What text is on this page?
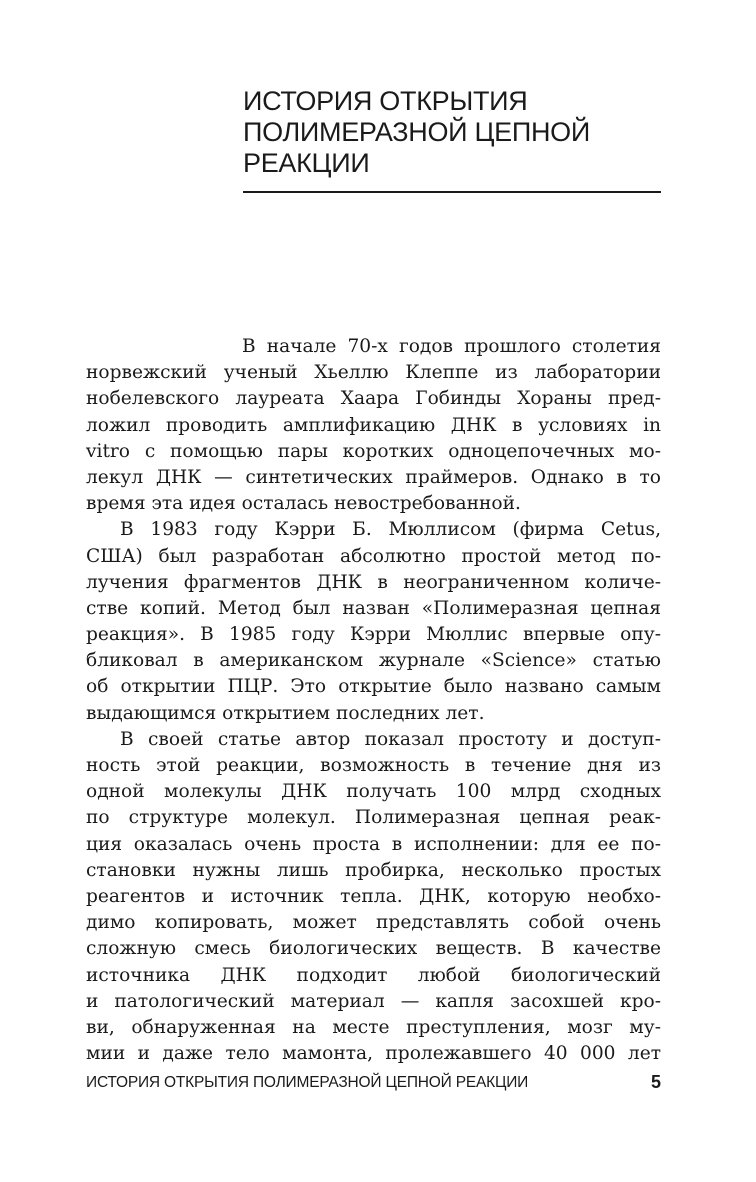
ИСТОРИЯ ОТКРЫТИЯ
ПОЛИМЕРАЗНОЙ ЦЕПНОЙ
РЕАКЦИИ

В начале 70-х годов прошлого столетия
норвежский ученый Хьеллю Клеппе из лаборатории
нобелевского лауреата Хаара Гобинды Хораны пред-
ложил проводить амплификацию ДНК в условиях in
vitro с помощью пары коротких одноцепочечных мо-
лекул ДНК — синтетических праймеров. Однако в то
время эта идея осталась невостребованной.

В 1983 году Кэрри Б. Мюллисом (фирма Cetus,
США) был разработан абсолютно простой метод по-
лучения фрагментов ДНК в неограниченном количе-
стве копий. Метод был назван «Полимеразная цепная
реакция». В 1985 году Кэрри Мюллис впервые опу-
бликовал в американском журнале «Science» статью
об открытии ПЦР. Это открытие было названо самым
выдающимся открытием последних лет.

В своей статье автор показал простоту и доступ-
ность этой реакции, возможность в течение дня из
одной молекулы ДНК получать 100 млрд сходных
по структуре молекул. Полимеразная цепная реак-
ция оказалась очень проста в исполнении: для ее по-
становки нужны лишь пробирка, несколько простых
реагентов и источник тепла. ДНК, которую необхо-
димо копировать, может представлять собой очень
сложную смесь биологических веществ. В качестве
источника ДНК подходит любой биологический
и патологический материал — капля засохшей кро-
ви, обнаруженная на месте преступления, мозг му-
мии и даже тело мамонта, пролежавшего 40 000 лет

ИСТОРИЯ ОТКРЫТИЯ ПОЛИМЕРАЗНОЙ ЦЕПНОЙ РЕАКЦИИ	5
